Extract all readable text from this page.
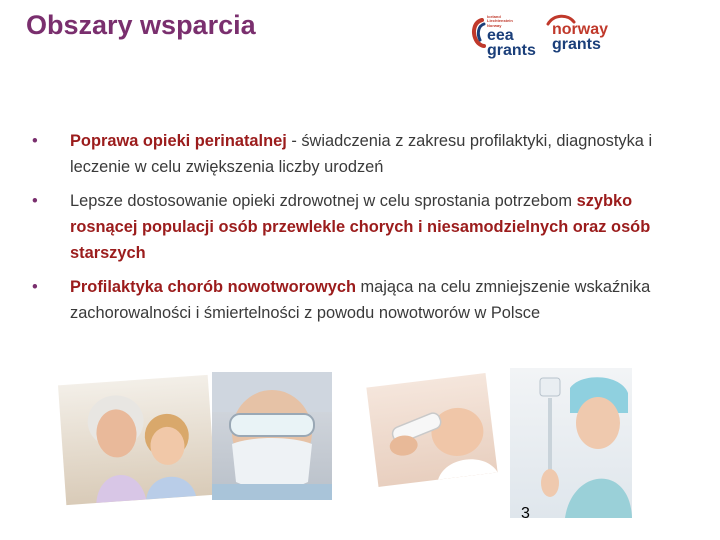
Obszary wsparcia	Iceland Liechtenstein Norway
eea
grants
norway
grants
• Poprawa opieki perinatalnej - świadczenia z zakresu profilaktyki, diagnostyka i leczenie w celu zwiększenia liczby urodzeń
• Lepsze dostosowanie opieki zdrowotnej w celu sprostania potrzebom szybko rosnącej populacji osób przewlekle chorych i niesamodzielnych oraz osób starszych
• Profilaktyka chorób nowotworowych mająca na celu zmniejszenie wskaźnika zachorowalności i śmiertelności z powodu nowotworów w Polsce
3
